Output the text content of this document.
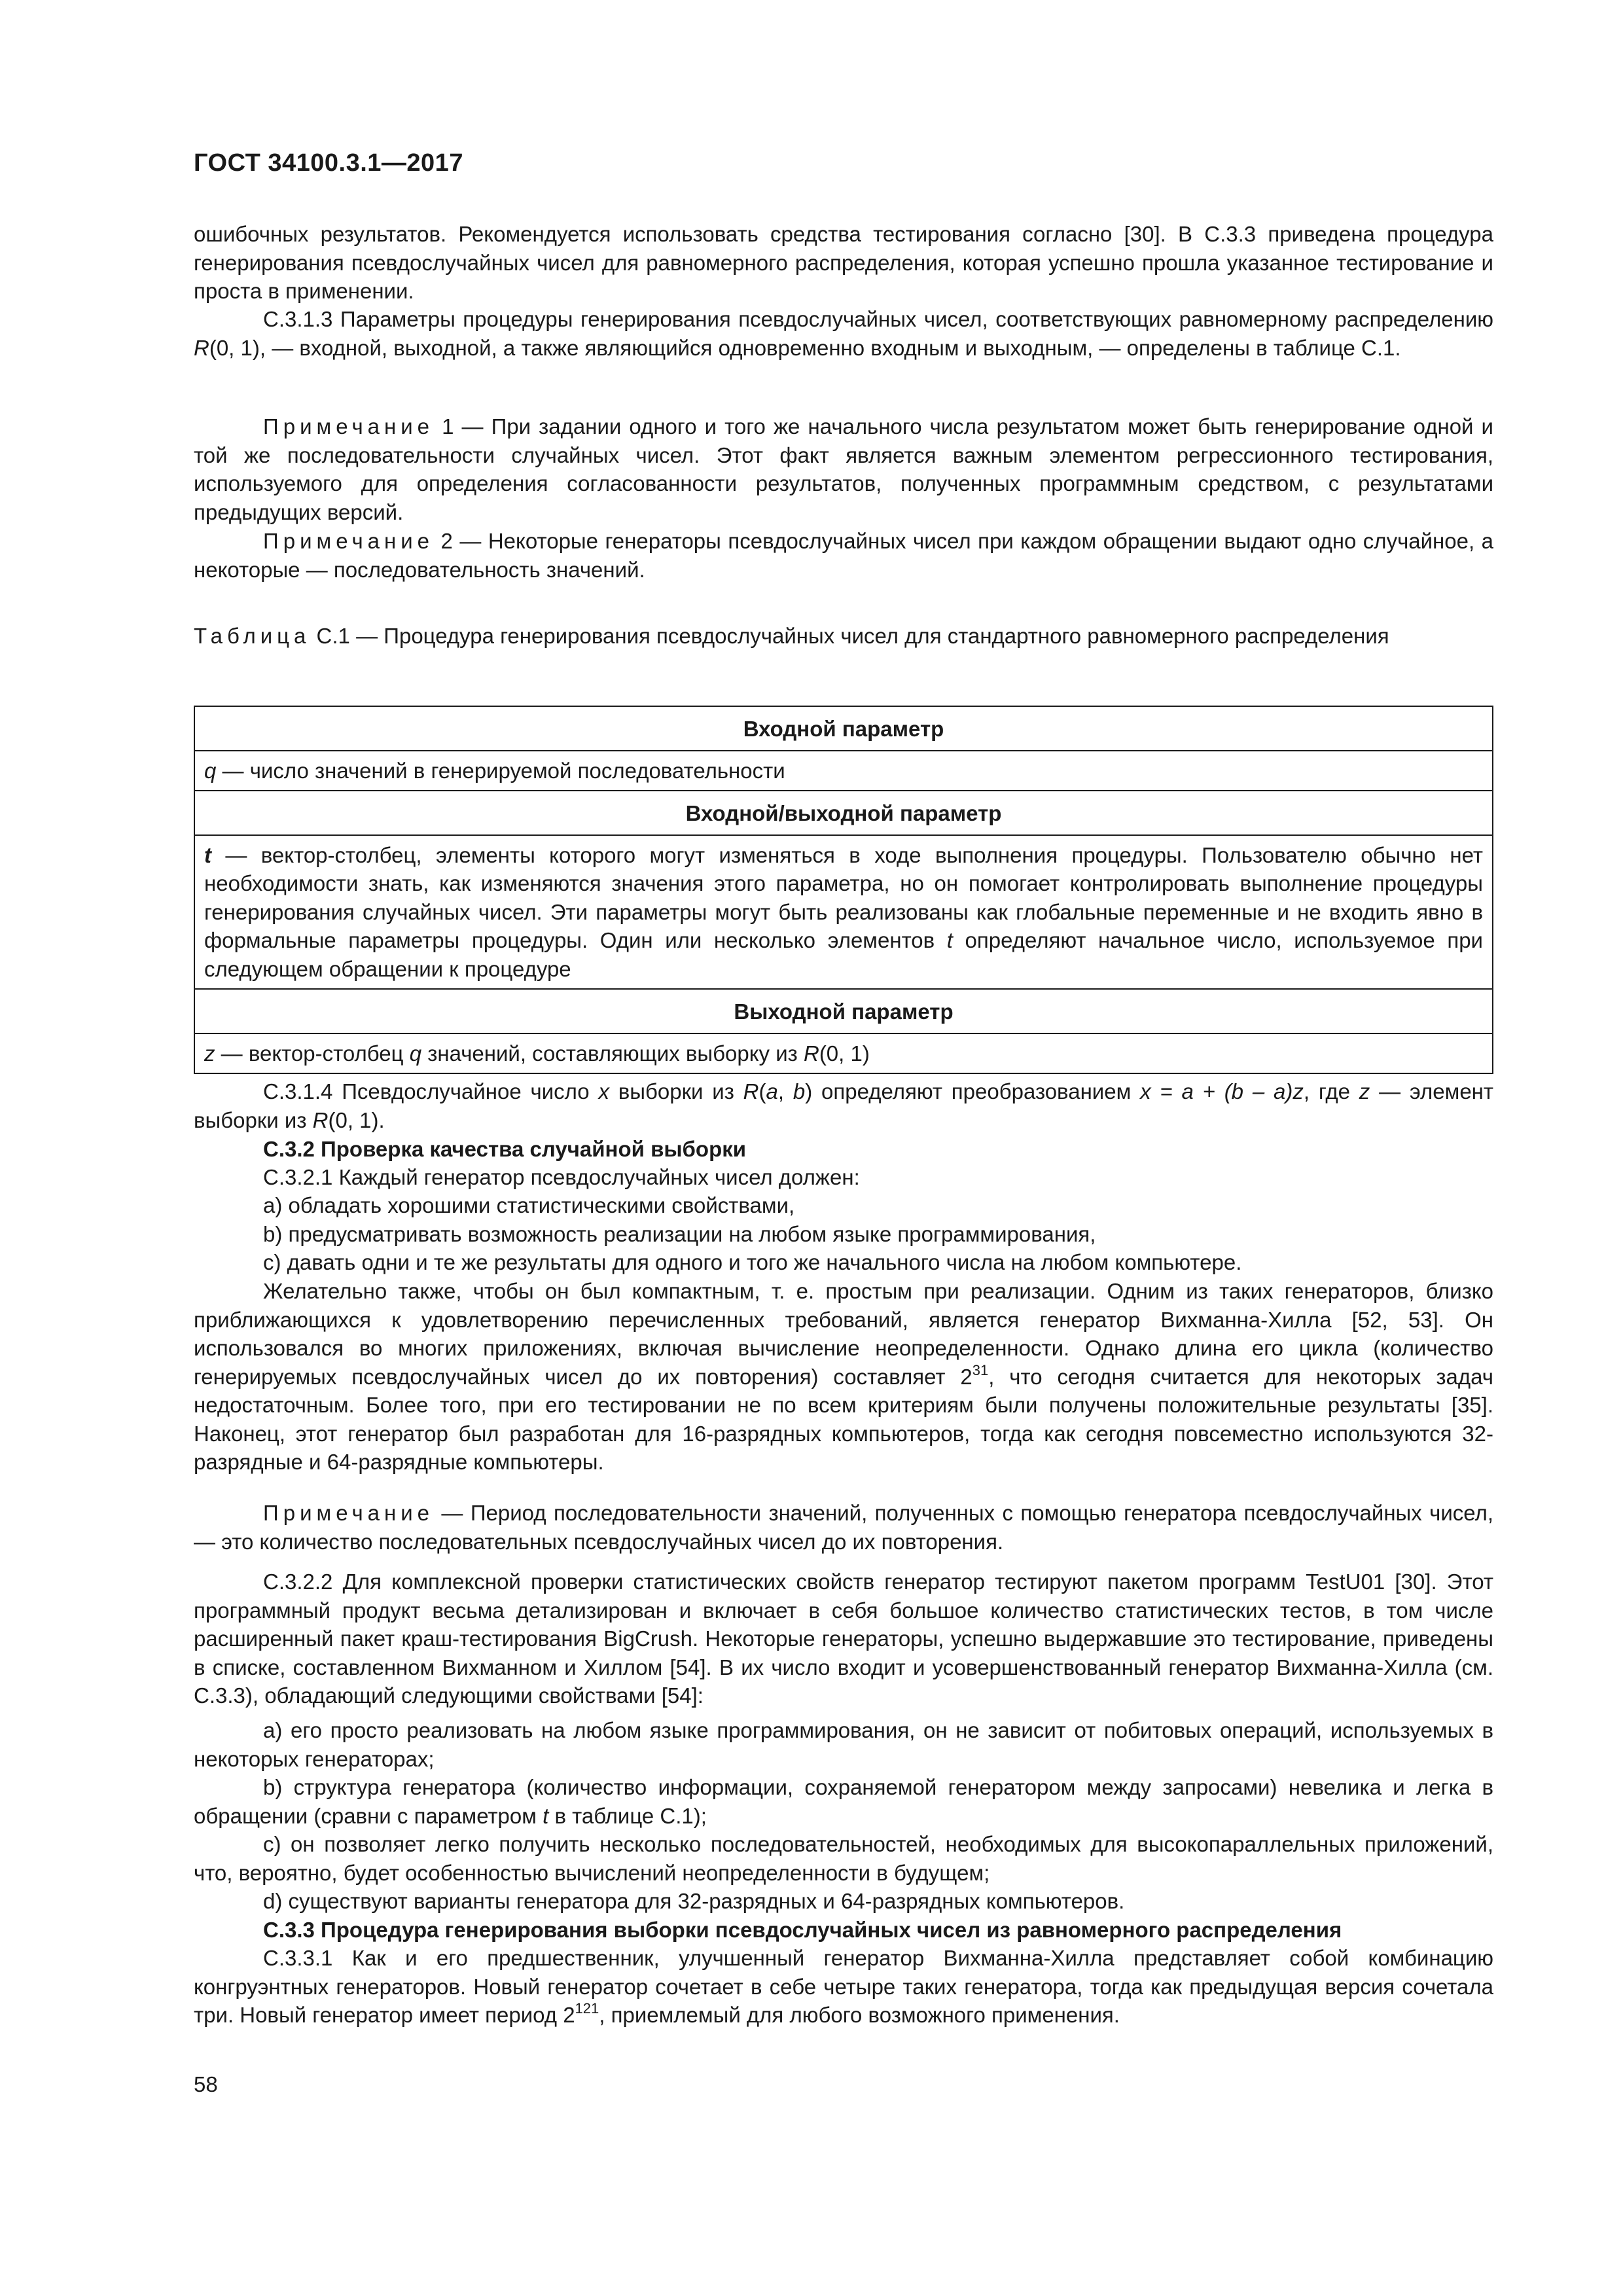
ГОСТ 34100.3.1—2017

ошибочных результатов. Рекомендуется использовать средства тестирования согласно [30]. В С.3.3 приведена процедура генерирования псевдослучайных чисел для равномерного распределения, которая успешно прошла указанное тестирование и проста в применении.

С.3.1.3 Параметры процедуры генерирования псевдослучайных чисел, соответствующих равномерному распределению R(0, 1), — входной, выходной, а также являющийся одновременно входным и выходным, — определены в таблице С.1.

Примечание 1 — При задании одного и того же начального числа результатом может быть генерирование одной и той же последовательности случайных чисел. Этот факт является важным элементом регрессионного тестирования, используемого для определения согласованности результатов, полученных программным средством, с результатами предыдущих версий.

Примечание 2 — Некоторые генераторы псевдослучайных чисел при каждом обращении выдают одно случайное, а некоторые — последовательность значений.

Таблица С.1 — Процедура генерирования псевдослучайных чисел для стандартного равномерного распределения

Входной параметр
q — число значений в генерируемой последовательности
Входной/выходной параметр
t — вектор-столбец, элементы которого могут изменяться в ходе выполнения процедуры. Пользователю обычно нет необходимости знать, как изменяются значения этого параметра, но он помогает контролировать выполнение процедуры генерирования случайных чисел. Эти параметры могут быть реализованы как глобальные переменные и не входить явно в формальные параметры процедуры. Один или несколько элементов t определяют начальное число, используемое при следующем обращении к процедуре
Выходной параметр
z — вектор-столбец q значений, составляющих выборку из R(0, 1)

С.3.1.4 Псевдослучайное число x выборки из R(a, b) определяют преобразованием x = a + (b – a)z, где z — элемент выборки из R(0, 1).

С.3.2 Проверка качества случайной выборки

С.3.2.1 Каждый генератор псевдослучайных чисел должен:

a) обладать хорошими статистическими свойствами,

b) предусматривать возможность реализации на любом языке программирования,

c) давать одни и те же результаты для одного и того же начального числа на любом компьютере.

Желательно также, чтобы он был компактным, т. е. простым при реализации. Одним из таких генераторов, близко приближающихся к удовлетворению перечисленных требований, является генератор Вихманна-Хилла [52, 53]. Он использовался во многих приложениях, включая вычисление неопределенности. Однако длина его цикла (количество генерируемых псевдослучайных чисел до их повторения) составляет $2^{31}$, что сегодня считается для некоторых задач недостаточным. Более того, при его тестировании не по всем критериям были получены положительные результаты [35]. Наконец, этот генератор был разработан для 16-разрядных компьютеров, тогда как сегодня повсеместно используются 32-разрядные и 64-разрядные компьютеры.

Примечание — Период последовательности значений, полученных с помощью генератора псевдослучайных чисел, — это количество последовательных псевдослучайных чисел до их повторения.

С.3.2.2 Для комплексной проверки статистических свойств генератор тестируют пакетом программ TestU01 [30]. Этот программный продукт весьма детализирован и включает в себя большое количество статистических тестов, в том числе расширенный пакет краш-тестирования BigCrush. Некоторые генераторы, успешно выдержавшие это тестирование, приведены в списке, составленном Вихманном и Хиллом [54]. В их число входит и усовершенствованный генератор Вихманна-Хилла (см. С.3.3), обладающий следующими свойствами [54]:

a) его просто реализовать на любом языке программирования, он не зависит от побитовых операций, используемых в некоторых генераторах;

b) структура генератора (количество информации, сохраняемой генератором между запросами) невелика и легка в обращении (сравни с параметром t в таблице С.1);

c) он позволяет легко получить несколько последовательностей, необходимых для высокопараллельных приложений, что, вероятно, будет особенностью вычислений неопределенности в будущем;

d) существуют варианты генератора для 32-разрядных и 64-разрядных компьютеров.

С.3.3 Процедура генерирования выборки псевдослучайных чисел из равномерного распределения

С.3.3.1 Как и его предшественник, улучшенный генератор Вихманна-Хилла представляет собой комбинацию конгруэнтных генераторов. Новый генератор сочетает в себе четыре таких генератора, тогда как предыдущая версия сочетала три. Новый генератор имеет период $2^{121}$, приемлемый для любого возможного применения.

58
